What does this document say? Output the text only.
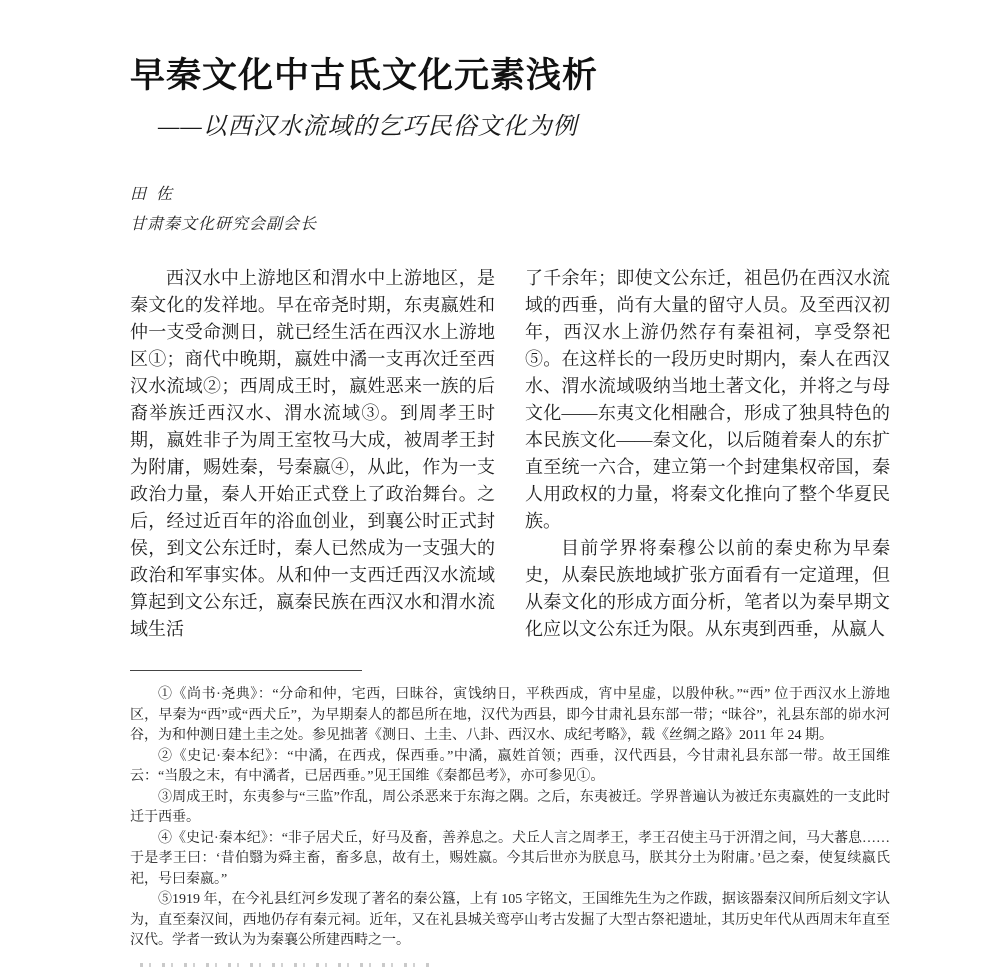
早秦文化中古氐文化元素浅析
——以西汉水流域的乞巧民俗文化为例
田 佐
甘肃秦文化研究会副会长

西汉水中上游地区和渭水中上游地区，是秦文化的发祥地。早在帝尧时期，东夷嬴姓和仲一支受命测日，就已经生活在西汉水上游地区①；商代中晚期，嬴姓中潏一支再次迁至西汉水流域②；西周成王时，嬴姓恶来一族的后裔举族迁西汉水、渭水流域③。到周孝王时期，嬴姓非子为周王室牧马大成，被周孝王封为附庸，赐姓秦，号秦嬴④，从此，作为一支政治力量，秦人开始正式登上了政治舞台。之后，经过近百年的浴血创业，到襄公时正式封侯，到文公东迁时，秦人已然成为一支强大的政治和军事实体。从和仲一支西迁西汉水流域算起到文公东迁，嬴秦民族在西汉水和渭水流域生活

了千余年；即使文公东迁，祖邑仍在西汉水流域的西垂，尚有大量的留守人员。及至西汉初年，西汉水上游仍然存有秦祖祠，享受祭祀⑤。在这样长的一段历史时期内，秦人在西汉水、渭水流域吸纳当地土著文化，并将之与母文化——东夷文化相融合，形成了独具特色的本民族文化——秦文化，以后随着秦人的东扩直至统一六合，建立第一个封建集权帝国，秦人用政权的力量，将秦文化推向了整个华夏民族。

目前学界将秦穆公以前的秦史称为早秦史，从秦民族地域扩张方面看有一定道理，但从秦文化的形成方面分析，笔者以为秦早期文化应以文公东迁为限。从东夷到西垂，从嬴人

①《尚书·尧典》：“分命和仲，宅西，曰昧谷，寅饯纳日，平秩西成，宵中星虚，以殷仲秋。”“西” 位于西汉水上游地区，早秦为“西”或“西犬丘”，为早期秦人的都邑所在地，汉代为西县，即今甘肃礼县东部一带；“昧谷”，礼县东部的峁水河谷，为和仲测日建土圭之处。参见拙著《测日、土圭、八卦、西汉水、成纪考略》，载《丝绸之路》2011 年 24 期。

②《史记·秦本纪》：“中潏，在西戎，保西垂。”中潏，嬴姓首领；西垂，汉代西县，今甘肃礼县东部一带。故王国维云：“当殷之末，有中潏者，已居西垂。”见王国维《秦都邑考》，亦可参见①。

③周成王时，东夷参与“三监”作乱，周公杀恶来于东海之隅。之后，东夷被迁。学界普遍认为被迁东夷嬴姓的一支此时迁于西垂。

④《史记·秦本纪》：“非子居犬丘，好马及畜，善养息之。犬丘人言之周孝王，孝王召使主马于汧渭之间，马大蕃息……于是孝王曰：‘昔伯翳为舜主畜，畜多息，故有土，赐姓嬴。今其后世亦为朕息马，朕其分土为附庸。’邑之秦，使复续嬴氏祀，号曰秦嬴。”

⑤1919 年，在今礼县红河乡发现了著名的秦公簋，上有 105 字铭文，王国维先生为之作跋，据该器秦汉间所后刻文字认为，直至秦汉间，西地仍存有秦元祠。近年，又在礼县城关鸾亭山考古发掘了大型古祭祀遗址，其历史年代从西周末年直至汉代。学者一致认为为秦襄公所建西畤之一。
